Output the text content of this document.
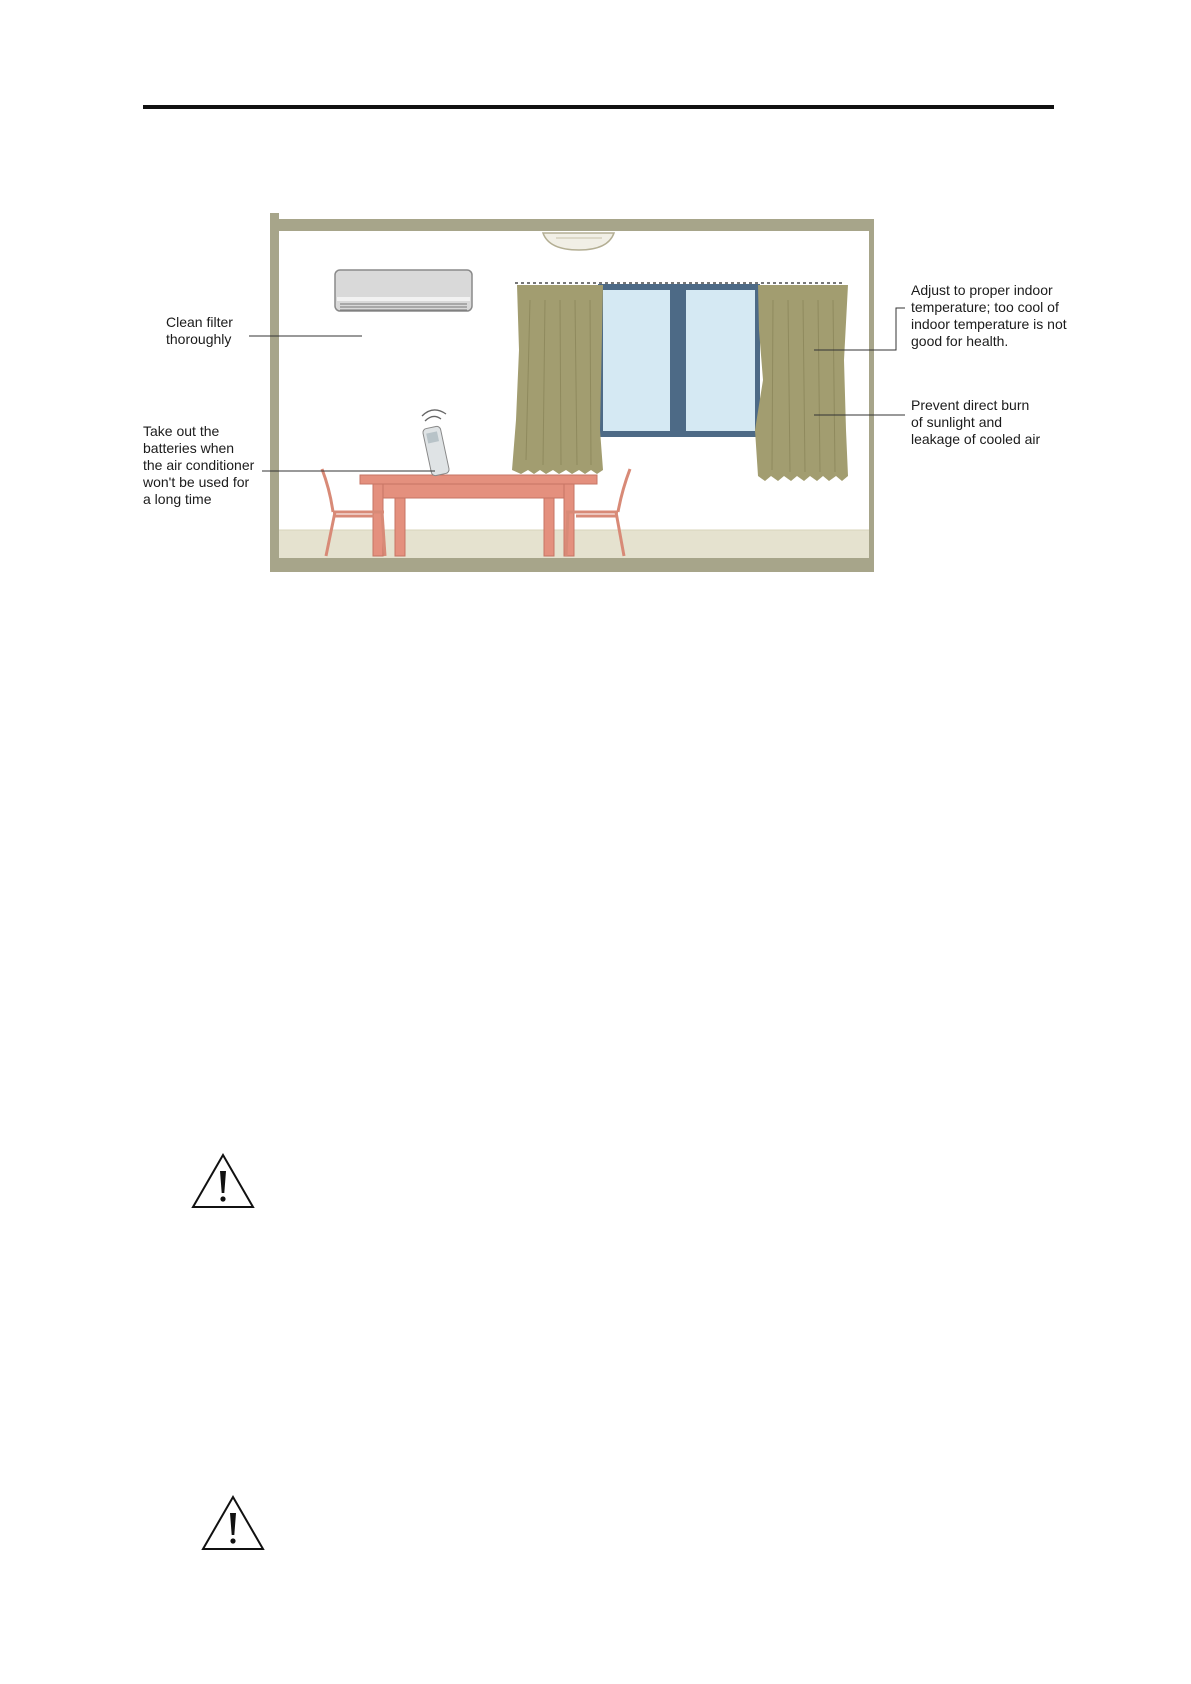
Clean filter
thoroughly
Take out the
batteries when
the air conditioner
won't be used for
a long time
Adjust to proper indoor
temperature; too cool of
indoor temperature is not
good for health.
Prevent direct burn
of sunlight and
leakage of cooled air
